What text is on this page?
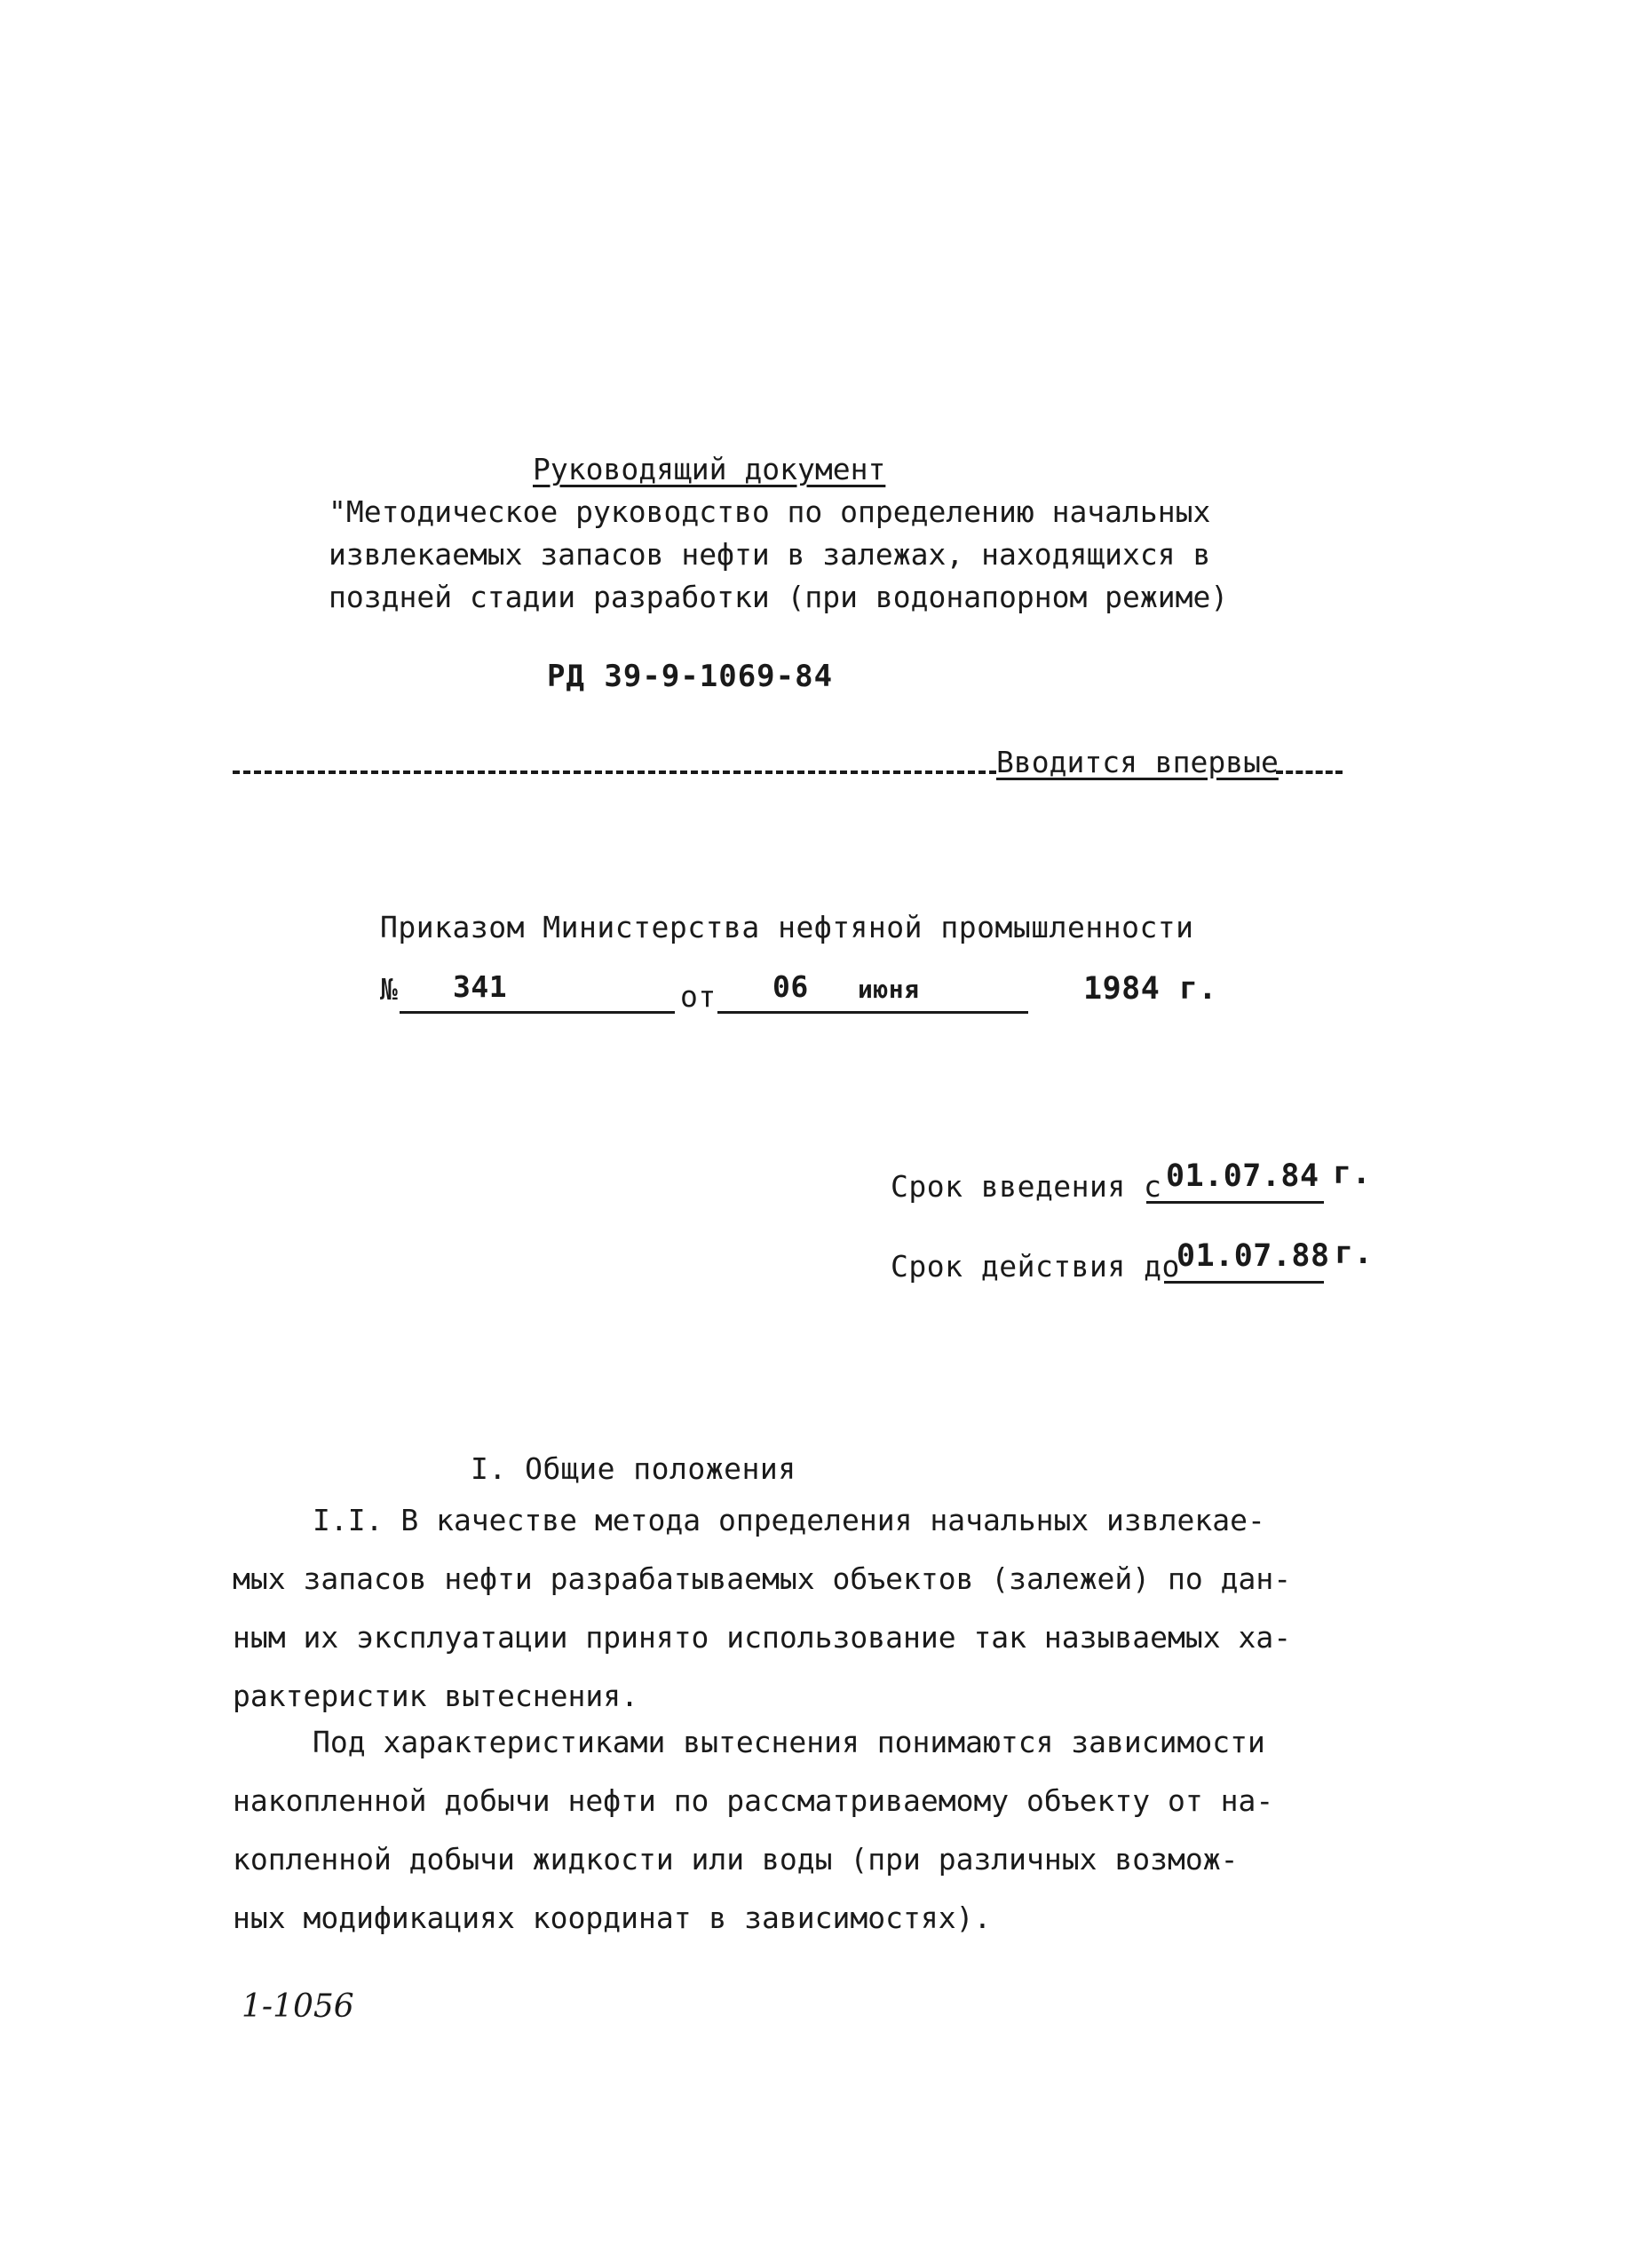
Руководящий документ
"Методическое руководство по определению начальных
извлекаемых запасов нефти в залежах, находящихся в
поздней стадии разработки (при водонапорном режиме)
РД 39-9-1069-84
Вводится впервые
Приказом Министерства нефтяной промышленности
№ 341	от 06 июня	1984 г.
Срок введения с 01.07.84 г.
Срок действия до
01.07.88 г.
I. Общие положения
I.I. В качестве метода определения начальных извлекае-
мых запасов нефти разрабатываемых объектов (залежей) по дан-
ным их эксплуатации принято использование так называемых ха-
рактеристик вытеснения.
Под характеристиками вытеснения понимаются зависимости
накопленной добычи нефти по рассматриваемому объекту от на-
копленной добычи жидкости или воды (при различных возмож-
ных модификациях координат в зависимостях).
1-1056
